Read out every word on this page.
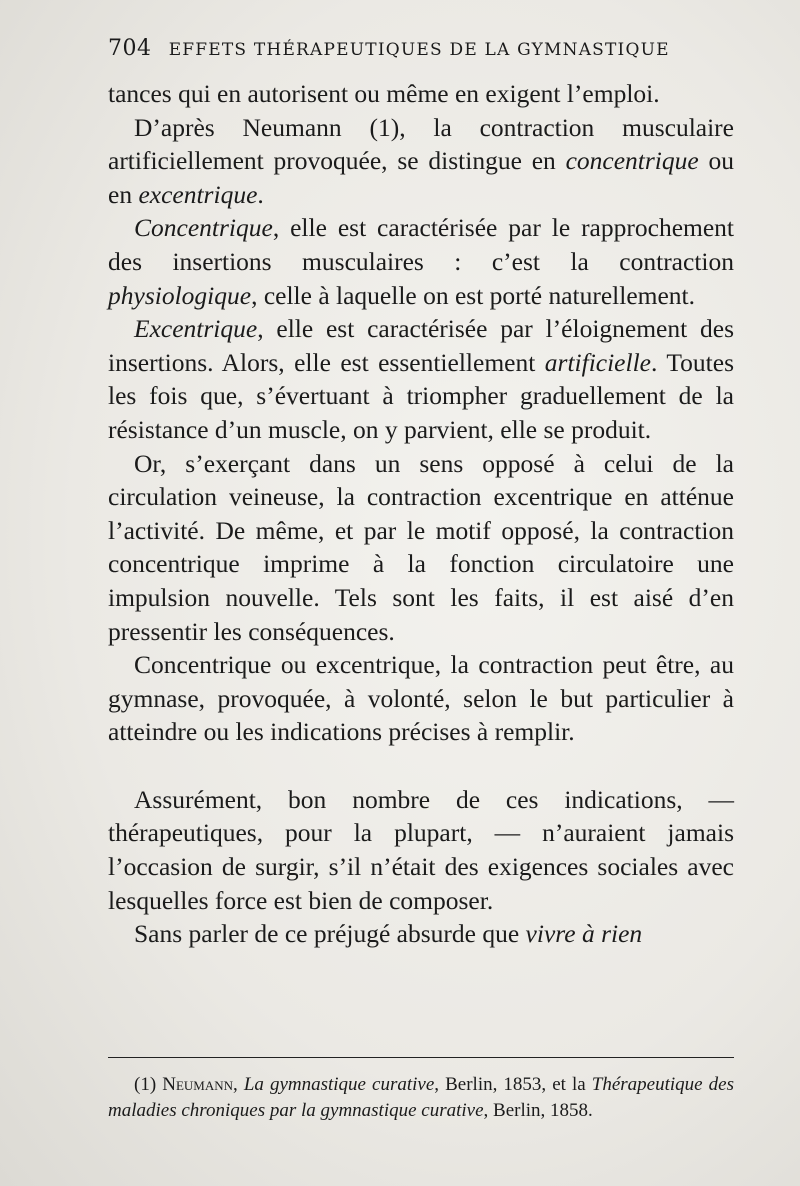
704 EFFETS THÉRAPEUTIQUES DE LA GYMNASTIQUE

tances qui en autorisent ou même en exigent l’emploi.

D’après Neumann (1), la contraction musculaire artificiellement provoquée, se distingue en concentrique ou en excentrique.

Concentrique, elle est caractérisée par le rapprochement des insertions musculaires : c’est la contraction physiologique, celle à laquelle on est porté naturellement.

Excentrique, elle est caractérisée par l’éloignement des insertions. Alors, elle est essentiellement artificielle. Toutes les fois que, s’évertuant à triompher graduellement de la résistance d’un muscle, on y parvient, elle se produit.

Or, s’exerçant dans un sens opposé à celui de la circulation veineuse, la contraction excentrique en atténue l’activité. De même, et par le motif opposé, la contraction concentrique imprime à la fonction circulatoire une impulsion nouvelle. Tels sont les faits, il est aisé d’en pressentir les conséquences.

Concentrique ou excentrique, la contraction peut être, au gymnase, provoquée, à volonté, selon le but particulier à atteindre ou les indications précises à remplir.

Assurément, bon nombre de ces indications, — thérapeutiques, pour la plupart, — n’auraient jamais l’occasion de surgir, s’il n’était des exigences sociales avec lesquelles force est bien de composer.

Sans parler de ce préjugé absurde que vivre à rien

(1) Neumann, La gymnastique curative, Berlin, 1853, et la Thérapeutique des maladies chroniques par la gymnastique curative, Berlin, 1858.
